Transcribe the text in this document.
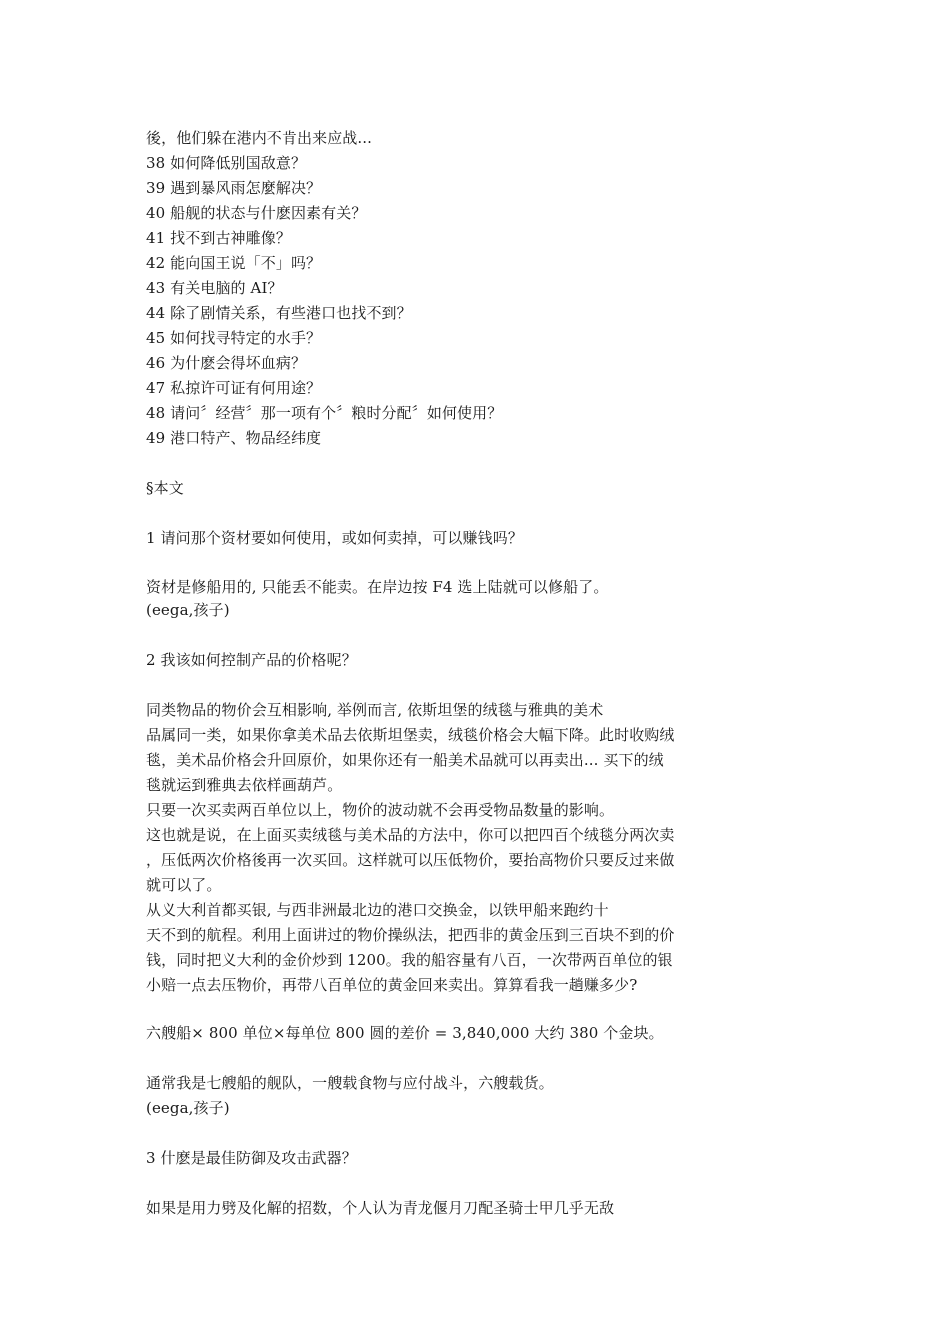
後，他们躲在港内不肯出来应战...
38 如何降低别国敌意？
39 遇到暴风雨怎麼解决？
40 船舰的状态与什麽因素有关？
41 找不到古神雕像？
42 能向国王说「不」吗？
43 有关电脑的 AI？
44 除了剧情关系，有些港口也找不到？
45 如何找寻特定的水手？
46 为什麽会得坏血病？
47 私掠许可证有何用途？
48 请问〞经营〞那一项有个〞粮时分配〞如何使用？
49 港口特产、物品经纬度
§本文
1 请问那个资材要如何使用，或如何卖掉，可以赚钱吗？
资材是修船用的, 只能丢不能卖。在岸边按 F4 选上陆就可以修船了。
(eega,孩子)
2 我该如何控制产品的价格呢？
同类物品的物价会互相影响, 举例而言, 依斯坦堡的绒毯与雅典的美术
品属同一类，如果你拿美术品去依斯坦堡卖，绒毯价格会大幅下降。此时收购绒
毯，美术品价格会升回原价，如果你还有一船美术品就可以再卖出... 买下的绒
毯就运到雅典去依样画葫芦。
只要一次买卖两百单位以上，物价的波动就不会再受物品数量的影响。
这也就是说，在上面买卖绒毯与美术品的方法中，你可以把四百个绒毯分两次卖
，压低两次价格後再一次买回。这样就可以压低物价，要抬高物价只要反过来做
就可以了。
从义大利首都买银, 与西非洲最北边的港口交换金，以铁甲船来跑约十
天不到的航程。利用上面讲过的物价操纵法，把西非的黄金压到三百块不到的价
钱，同时把义大利的金价炒到 1200。我的船容量有八百，一次带两百单位的银
小赔一点去压物价，再带八百单位的黄金回来卖出。算算看我一趟赚多少?
六艘船× 800 单位×每单位 800 圆的差价 = 3,840,000 大约 380 个金块。
通常我是七艘船的舰队，一艘载食物与应付战斗，六艘载货。
(eega,孩子)
3 什麽是最佳防御及攻击武器？
如果是用力劈及化解的招数，个人认为青龙偃月刀配圣骑士甲几乎无敌
